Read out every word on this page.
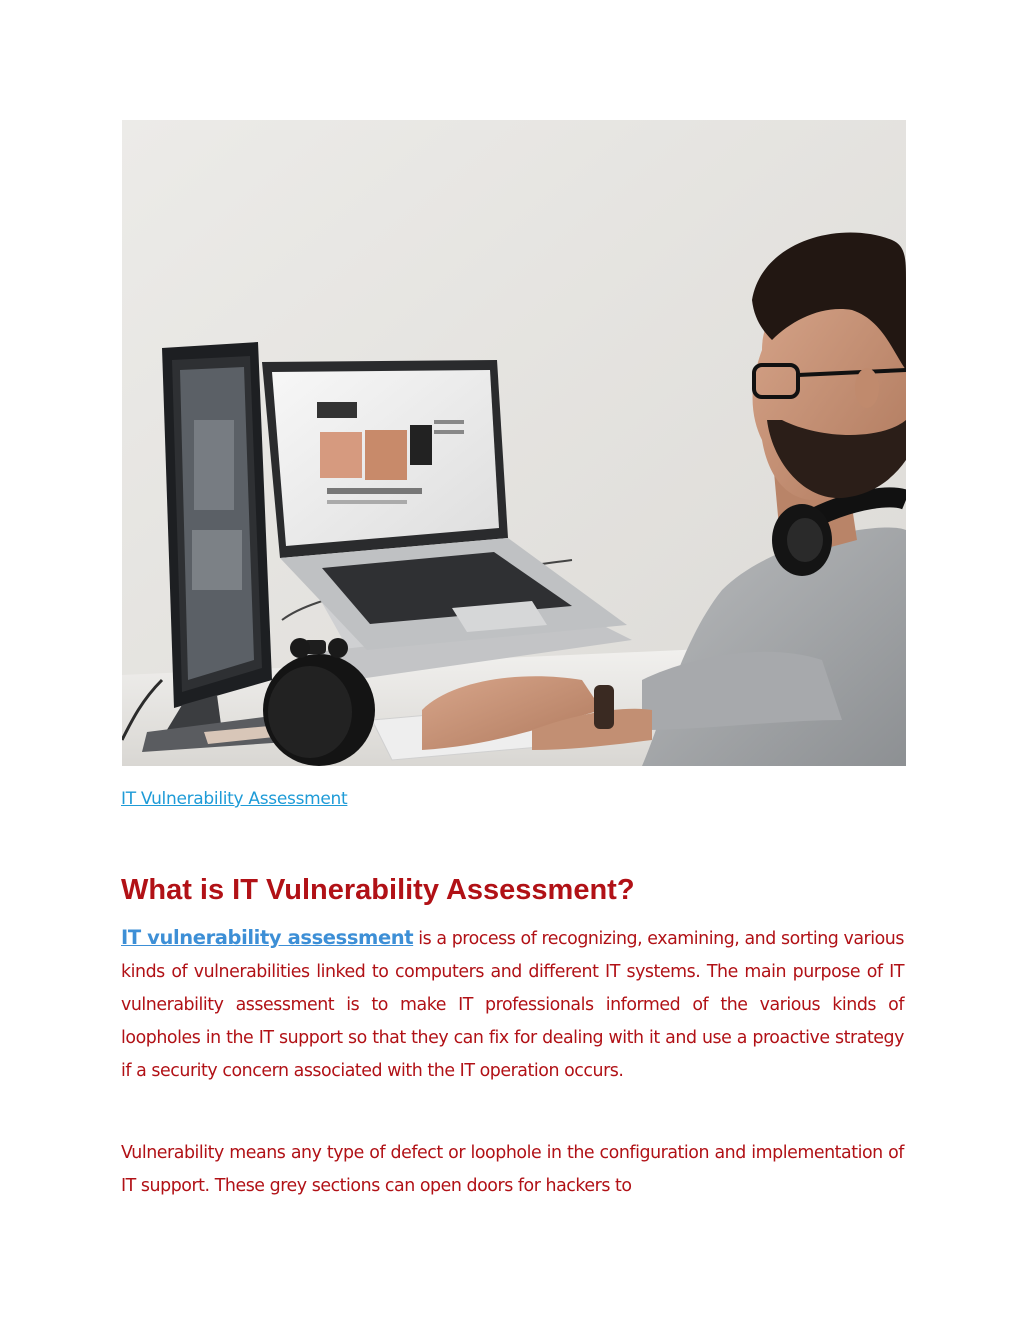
IT Vulnerability Assessment
What is IT Vulnerability Assessment?

IT vulnerability assessment is a process of recognizing, examining, and sorting various kinds of vulnerabilities linked to computers and different IT systems. The main purpose of IT vulnerability assessment is to make IT professionals informed of the various kinds of loopholes in the IT support so that they can fix for dealing with it and use a proactive strategy if a security concern associated with the IT operation occurs.

Vulnerability means any type of defect or loophole in the configuration and implementation of IT support. These grey sections can open doors for hackers to
